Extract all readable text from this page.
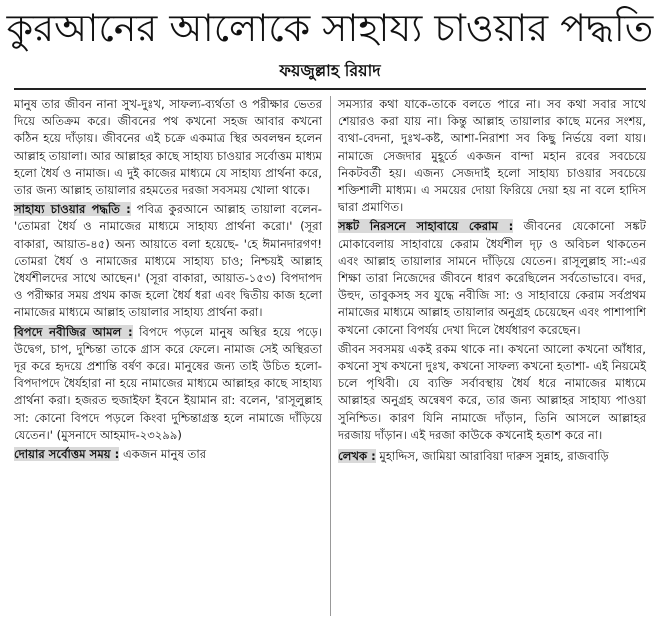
কুরআনের আলোকে সাহায্য চাওয়ার পদ্ধতি
ফয়জুল্লাহ রিয়াদ

মানুষ তার জীবন নানা সুখ-দুঃখ, সাফল্য-ব্যর্থতা ও পরীক্ষার ভেতর দিয়ে অতিক্রম করে। জীবনের পথ কখনো সহজ আবার কখনো কঠিন হয়ে দাঁড়ায়। জীবনের এই চক্রে একমাত্র স্থির অবলম্বন হলেন আল্লাহ তায়ালা। আর আল্লাহর কাছে সাহায্য চাওয়ার সর্বোত্তম মাধ্যম হলো ধৈর্য ও নামাজ। এ দুই কাজের মাধ্যমে যে সাহায্য প্রার্থনা করে, তার জন্য আল্লাহ তায়ালার রহমতের দরজা সবসময় খোলা থাকে।

সাহায্য চাওয়ার পদ্ধতি : পবিত্র কুরআনে আল্লাহ তায়ালা বলেন- 'তোমরা ধৈর্য ও নামাজের মাধ্যমে সাহায্য প্রার্থনা করো।' (সূরা বাকারা, আয়াত-৪৫) অন্য আয়াতে বলা হয়েছে- 'হে ঈমানদারগণ! তোমরা ধৈর্য ও নামাজের মাধ্যমে সাহায্য চাও; নিশ্চয়ই আল্লাহ ধৈর্যশীলদের সাথে আছেন।' (সূরা বাকারা, আয়াত-১৫৩) বিপদাপদ ও পরীক্ষার সময় প্রথম কাজ হলো ধৈর্য ধরা এবং দ্বিতীয় কাজ হলো নামাজের মাধ্যমে আল্লাহ তায়ালার সাহায্য প্রার্থনা করা।

বিপদে নবীজির আমল : বিপদে পড়লে মানুষ অস্থির হয়ে পড়ে। উদ্বেগ, চাপ, দুশ্চিন্তা তাকে গ্রাস করে ফেলে। নামাজ সেই অস্থিরতা দূর করে হৃদয়ে প্রশান্তি বর্ষণ করে। মানুষের জন্য তাই উচিত হলো- বিপদাপদে ধৈর্যহারা না হয়ে নামাজের মাধ্যমে আল্লাহর কাছে সাহায্য প্রার্থনা করা। হজরত হুজাইফা ইবনে ইয়ামান রা: বলেন, 'রাসূলুল্লাহ সা: কোনো বিপদে পড়লে কিংবা দুশ্চিন্তাগ্রস্ত হলে নামাজে দাঁড়িয়ে যেতেন।' (মুসনাদে আহমাদ-২৩২৯৯)

দোয়ার সর্বোত্তম সময় : একজন মানুষ তার

সমস্যার কথা যাকে-তাকে বলতে পারে না। সব কথা সবার সাথে শেয়ারও করা যায় না। কিন্তু আল্লাহ তায়ালার কাছে মনের সংশয়, ব্যথা-বেদনা, দুঃখ-কষ্ট, আশা-নিরাশা সব কিছু নির্ভয়ে বলা যায়। নামাজে সেজদার মুহূর্তে একজন বান্দা মহান রবের সবচেয়ে নিকটবর্তী হয়। এজন্য সেজদাই হলো সাহায্য চাওয়ার সবচেয়ে শক্তিশালী মাধ্যম। এ সময়ের দোয়া ফিরিয়ে দেয়া হয় না বলে হাদিস দ্বারা প্রমাণিত।

সঙ্কট নিরসনে সাহাবায়ে কেরাম : জীবনের যেকোনো সঙ্কট মোকাবেলায় সাহাবায়ে কেরাম ধৈর্যশীল দৃঢ় ও অবিচল থাকতেন এবং আল্লাহ তায়ালার সামনে দাঁড়িয়ে যেতেন। রাসূলুল্লাহ সা:-এর শিক্ষা তারা নিজেদের জীবনে ধারণ করেছিলেন সর্বতোভাবে। বদর, উহুদ, তাবুকসহ সব যুদ্ধে নবীজি সা: ও সাহাবায়ে কেরাম সর্বপ্রথম নামাজের মাধ্যমে আল্লাহ তায়ালার অনুগ্রহ চেয়েছেন এবং পাশাপাশি কখনো কোনো বিপর্যয় দেখা দিলে ধৈর্যধারণ করেছেন।

জীবন সবসময় একই রকম থাকে না। কখনো আলো কখনো আঁধার, কখনো সুখ কখনো দুঃখ, কখনো সাফল্য কখনো হতাশা- এই নিয়মেই চলে পৃথিবী। যে ব্যক্তি সর্বাবস্থায় ধৈর্য ধরে নামাজের মাধ্যমে আল্লাহর অনুগ্রহ অন্বেষণ করে, তার জন্য আল্লাহর সাহায্য পাওয়া সুনিশ্চিত। কারণ যিনি নামাজে দাঁড়ান, তিনি আসলে আল্লাহর দরজায় দাঁড়ান। এই দরজা কাউকে কখনোই হতাশ করে না।

লেখক : মুহাদ্দিস, জামিয়া আরাবিয়া দারুস সুন্নাহ, রাজবাড়ি
